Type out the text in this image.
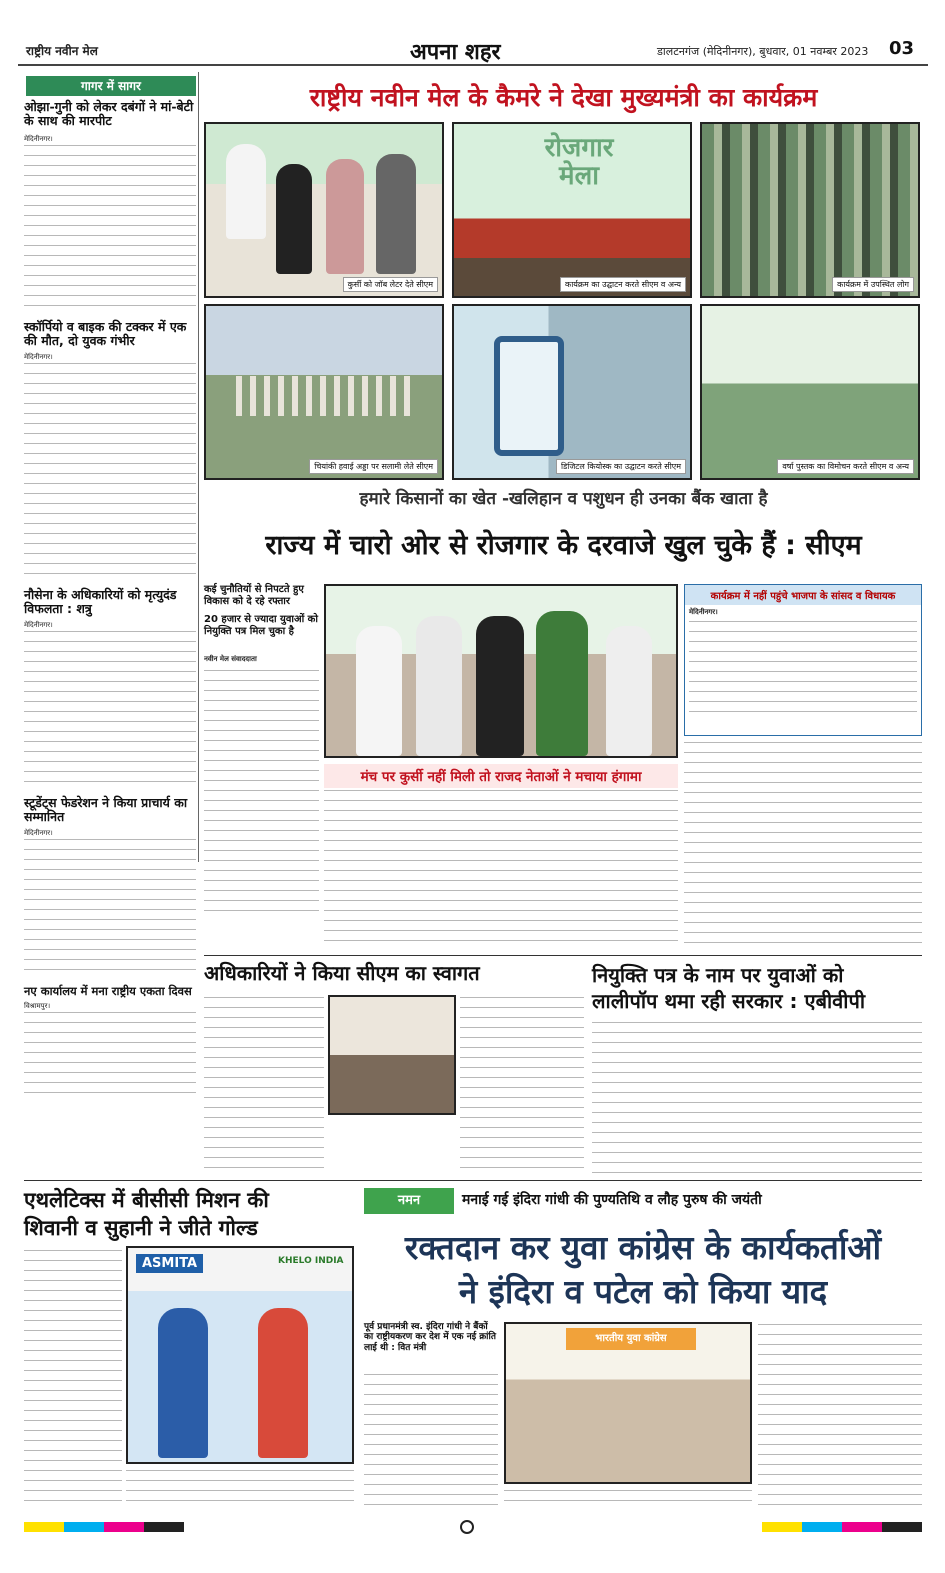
राष्ट्रीय नवीन मेल	अपना शहर	डालटनगंज (मेदिनीनगर), बुधवार, 01 नवम्बर 2023 03
गागर में सागर
ओझा-गुनी को लेकर दबंगों ने मां-बेटी के साथ की मारपीट
मेदिनीनगर।
स्कॉर्पियो व बाइक की टक्कर में एक की मौत, दो युवक गंभीर
मेदिनीनगर।
नौसेना के अधिकारियों को मृत्युदंड विफलता : शत्रु
मेदिनीनगर।
स्टूडेंट्स फेडरेशन ने किया प्राचार्य का सम्मानित
मेदिनीनगर।
नए कार्यालय में मना राष्ट्रीय एकता दिवस
विश्रामपुर।
राष्ट्रीय नवीन मेल के कैमरे ने देखा मुख्यमंत्री का कार्यक्रम
कुर्सी को जॉब लेटर देते सीएम
रोजगार
मेला
कार्यक्रम का उद्घाटन करते सीएम व अन्य	कार्यक्रम में उपस्थित लोग
चियांकी हवाई अड्डा पर सलामी लेते सीएम	डिजिटल कियोस्क का उद्घाटन करते सीएम	वर्षा पुस्तक का विमोचन करते सीएम व अन्य
हमारे किसानों का खेत -खलिहान व पशुधन ही उनका बैंक खाता है
राज्य में चारो ओर से रोजगार के दरवाजे खुल चुके हैं : सीएम
कई चुनौतियों से निपटते हुए विकास को दे रहे रफ्तार
20 हजार से ज्यादा युवाओं को नियुक्ति पत्र मिल चुका है
नवीन मेल संवाददाता
कार्यक्रम में नहीं पहुंचे भाजपा के सांसद व विधायक
मेदिनीनगर।
मंच पर कुर्सी नहीं मिली तो राजद नेताओं ने मचाया हंगामा
अधिकारियों ने किया सीएम का स्वागत	नियुक्ति पत्र के नाम पर युवाओं को
लालीपॉप थमा रही सरकार : एबीवीपी
एथलेटिक्स में बीसीसी मिशन की
शिवानी व सुहानी ने जीते गोल्ड
ASMITA	KHELO INDIA
नमन	मनाई गई इंदिरा गांधी की पुण्यतिथि व लौह पुरुष की जयंती
रक्तदान कर युवा कांग्रेस के कार्यकर्ताओं
ने इंदिरा व पटेल को किया याद
पूर्व प्रधानमंत्री स्व. इंदिरा गांधी ने बैंकों का राष्ट्रीयकरण कर देश में एक नई क्रांति लाई थी : वित मंत्री
भारतीय युवा कांग्रेस
